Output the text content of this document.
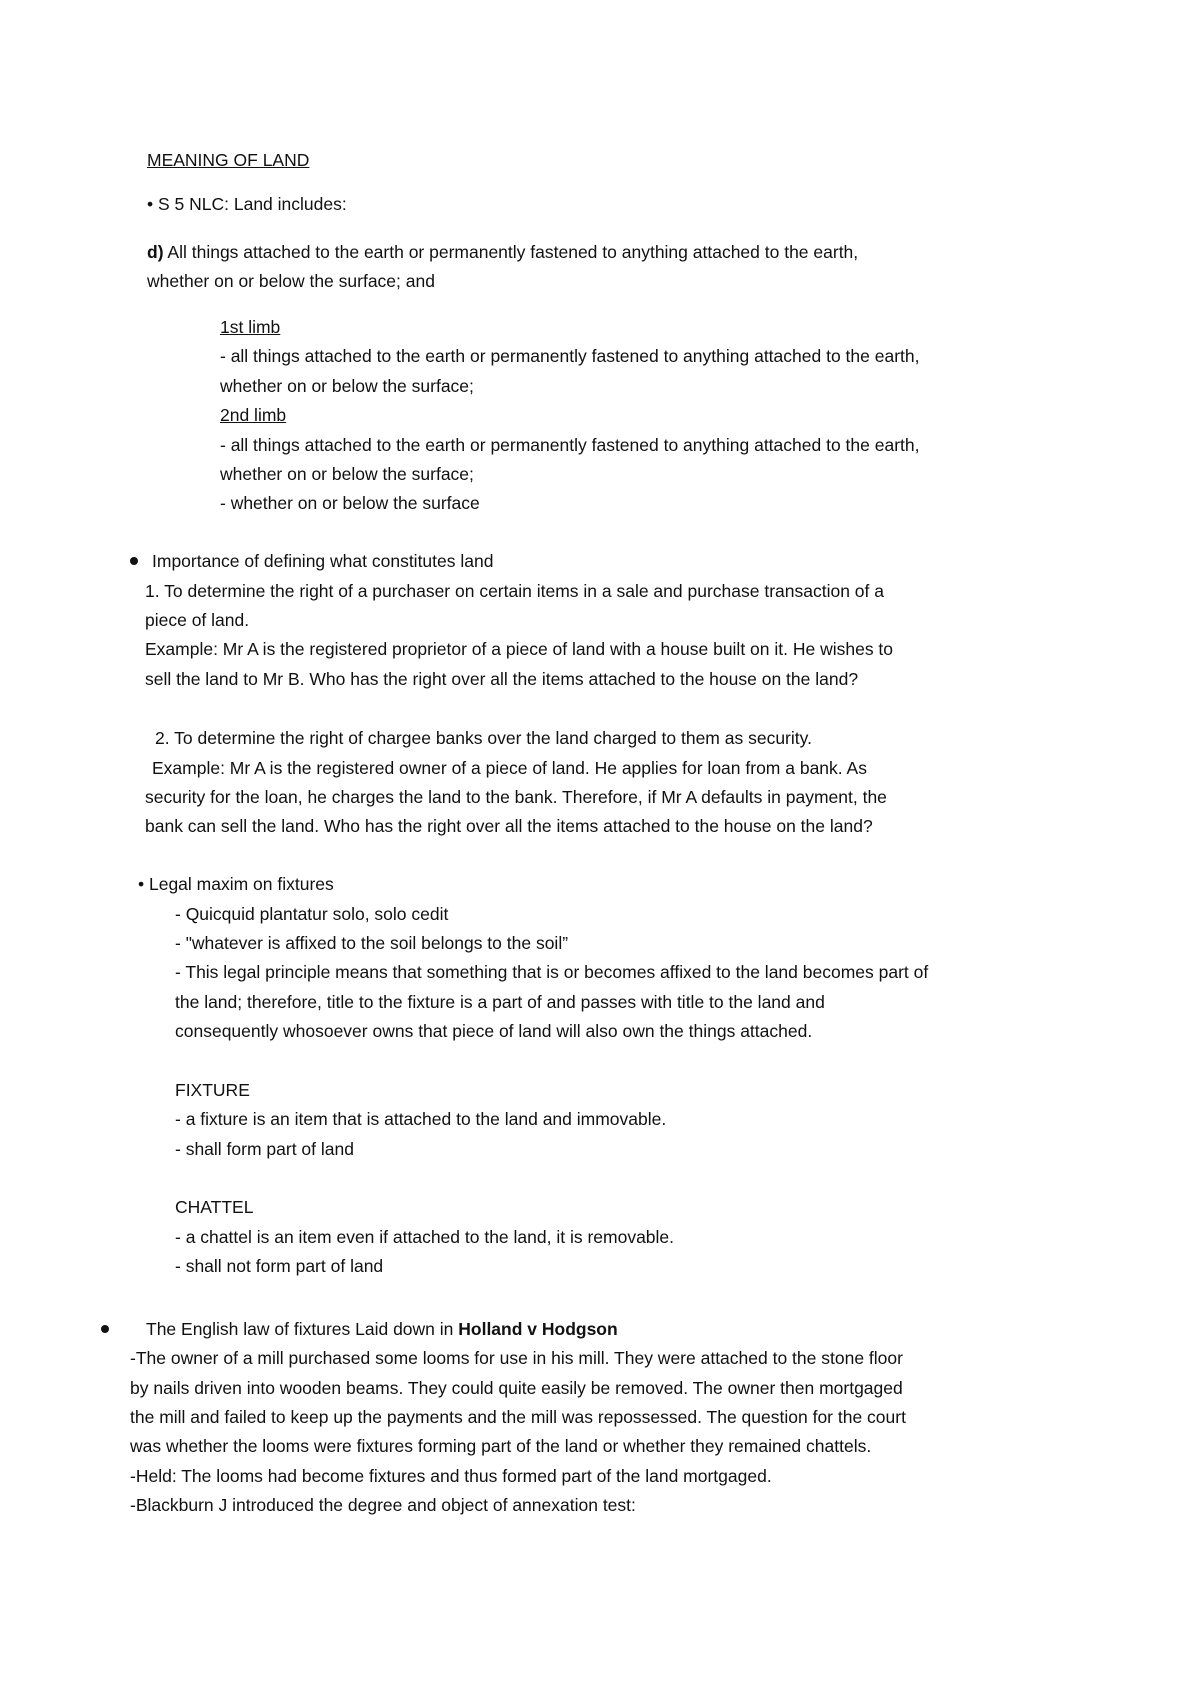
MEANING OF LAND
• S 5 NLC: Land includes:
d) All things attached to the earth or permanently fastened to anything attached to the earth,
whether on or below the surface; and
1st limb
- all things attached to the earth or permanently fastened to anything attached to the earth,
whether on or below the surface;
2nd limb
- all things attached to the earth or permanently fastened to anything attached to the earth,
whether on or below the surface;
- whether on or below the surface
Importance of defining what constitutes land
1. To determine the right of a purchaser on certain items in a sale and purchase transaction of a
piece of land.
Example: Mr A is the registered proprietor of a piece of land with a house built on it. He wishes to
sell the land to Mr B. Who has the right over all the items attached to the house on the land?
2. To determine the right of chargee banks over the land charged to them as security.
Example: Mr A is the registered owner of a piece of land. He applies for loan from a bank. As
security for the loan, he charges the land to the bank. Therefore, if Mr A defaults in payment, the
bank can sell the land. Who has the right over all the items attached to the house on the land?
• Legal maxim on fixtures
- Quicquid plantatur solo, solo cedit
- "whatever is affixed to the soil belongs to the soil”
- This legal principle means that something that is or becomes affixed to the land becomes part of
the land; therefore, title to the fixture is a part of and passes with title to the land and
consequently whosoever owns that piece of land will also own the things attached.
FIXTURE
- a fixture is an item that is attached to the land and immovable.
- shall form part of land
CHATTEL
- a chattel is an item even if attached to the land, it is removable.
- shall not form part of land
The English law of fixtures Laid down in Holland v Hodgson
-The owner of a mill purchased some looms for use in his mill. They were attached to the stone floor
by nails driven into wooden beams. They could quite easily be removed. The owner then mortgaged
the mill and failed to keep up the payments and the mill was repossessed. The question for the court
was whether the looms were fixtures forming part of the land or whether they remained chattels.
-Held: The looms had become fixtures and thus formed part of the land mortgaged.
-Blackburn J introduced the degree and object of annexation test:
